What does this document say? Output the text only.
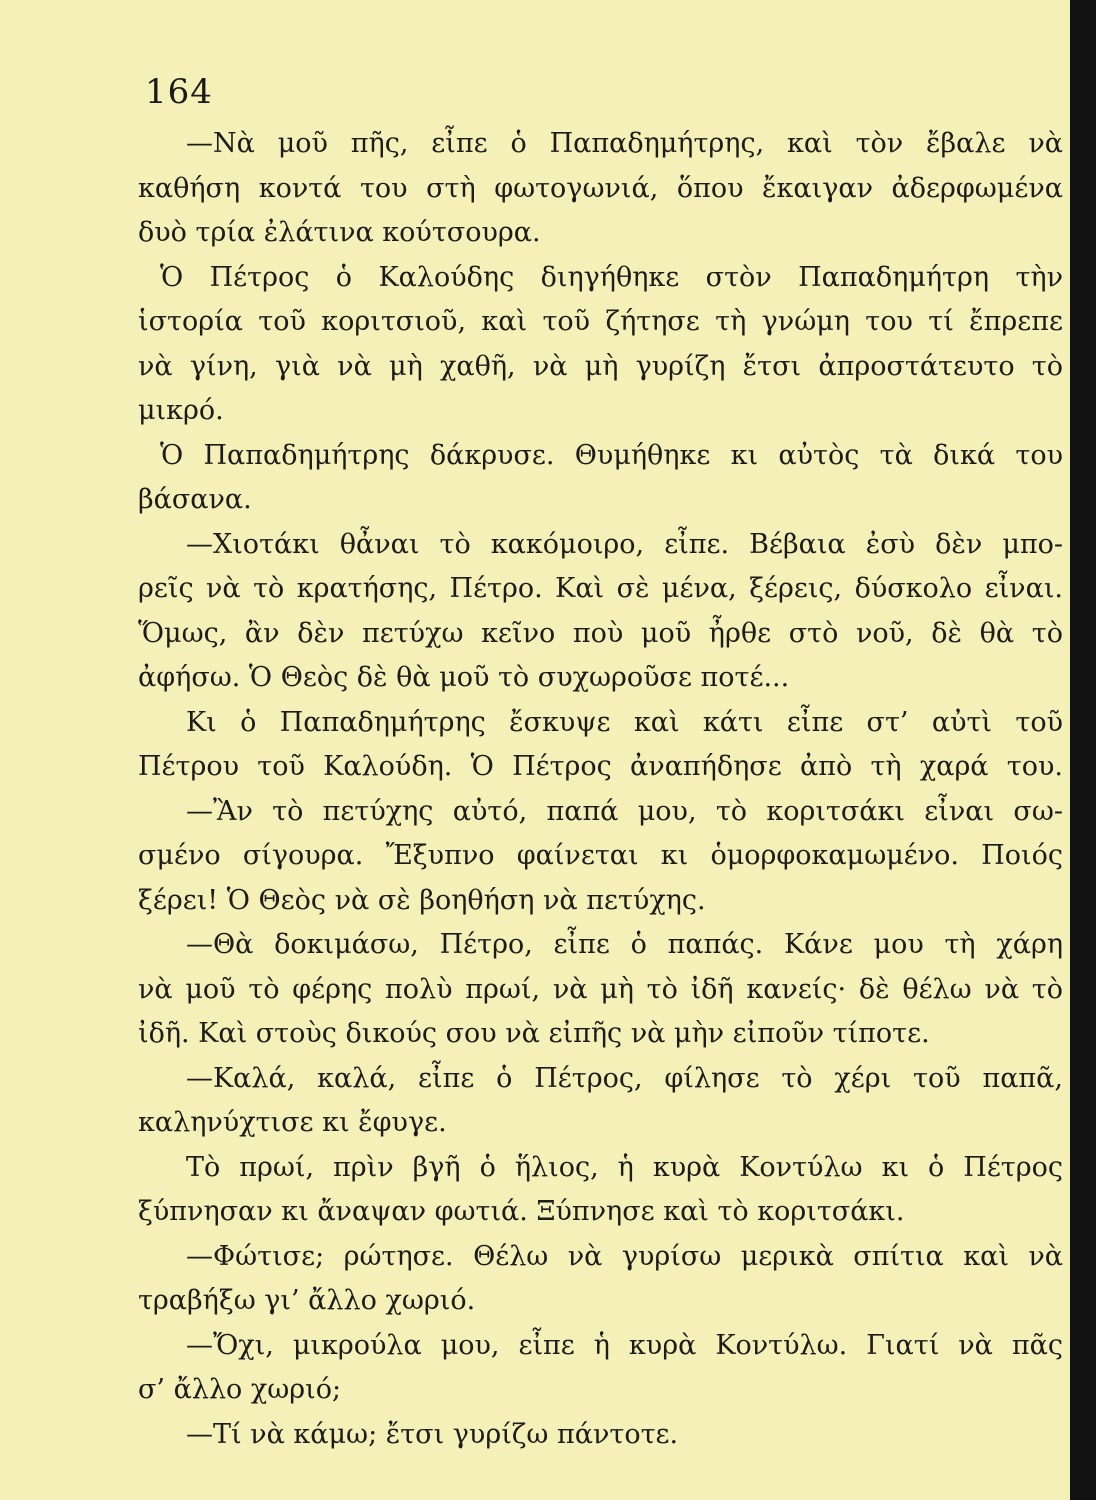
164
—Νὰ μοῦ πῆς, εἶπε ὁ Παπαδημήτρης, καὶ τὸν ἔβαλε νὰ
καθήση κοντά του στὴ φωτογωνιά, ὅπου ἔκαιγαν ἀδερφωμένα
δυὸ τρία ἐλάτινα κούτσουρα.
Ὁ Πέτρος ὁ Καλούδης διηγήθηκε στὸν Παπαδημήτρη τὴν
ἱστορία τοῦ κοριτσιοῦ, καὶ τοῦ ζήτησε τὴ γνώμη του τί ἔπρεπε
νὰ γίνη, γιὰ νὰ μὴ χαθῆ, νὰ μὴ γυρίζη ἔτσι ἀπροστάτευτο τὸ
μικρό.
Ὁ Παπαδημήτρης δάκρυσε. Θυμήθηκε κι αὐτὸς τὰ δικά του
βάσανα.
—Χιοτάκι θἆναι τὸ κακόμοιρο, εἶπε. Βέβαια ἐσὺ δὲν μπο-
ρεῖς νὰ τὸ κρατήσης, Πέτρο. Καὶ σὲ μένα, ξέρεις, δύσκολο εἶναι.
Ὅμως, ἂν δὲν πετύχω κεῖνο ποὺ μοῦ ἦρθε στὸ νοῦ, δὲ θὰ τὸ
ἀφήσω. Ὁ Θεὸς δὲ θὰ μοῦ τὸ συχωροῦσε ποτέ...
Κι ὁ Παπαδημήτρης ἔσκυψε καὶ κάτι εἶπε στ’ αὐτὶ τοῦ
Πέτρου τοῦ Καλούδη. Ὁ Πέτρος ἀναπήδησε ἀπὸ τὴ χαρά του.
—Ἂν τὸ πετύχης αὐτό, παπά μου, τὸ κοριτσάκι εἶναι σω-
σμένο σίγουρα. Ἔξυπνο φαίνεται κι ὁμορφοκαμωμένο. Ποιός
ξέρει! Ὁ Θεὸς νὰ σὲ βοηθήση νὰ πετύχης.
—Θὰ δοκιμάσω, Πέτρο, εἶπε ὁ παπάς. Κάνε μου τὴ χάρη
νὰ μοῦ τὸ φέρης πολὺ πρωί, νὰ μὴ τὸ ἰδῆ κανείς· δὲ θέλω νὰ τὸ
ἰδῆ. Καὶ στοὺς δικούς σου νὰ εἰπῆς νὰ μὴν εἰποῦν τίποτε.
—Καλά, καλά, εἶπε ὁ Πέτρος, φίλησε τὸ χέρι τοῦ παπᾶ,
καληνύχτισε κι ἔφυγε.
Τὸ πρωί, πρὶν βγῆ ὁ ἥλιος, ἡ κυρὰ Κοντύλω κι ὁ Πέτρος
ξύπνησαν κι ἄναψαν φωτιά. Ξύπνησε καὶ τὸ κοριτσάκι.
—Φώτισε; ρώτησε. Θέλω νὰ γυρίσω μερικὰ σπίτια καὶ νὰ
τραβήξω γι’ ἄλλο χωριό.
—Ὄχι, μικρούλα μου, εἶπε ἡ κυρὰ Κοντύλω. Γιατί νὰ πᾶς
σ’ ἄλλο χωριό;
—Τί νὰ κάμω; ἔτσι γυρίζω πάντοτε.
